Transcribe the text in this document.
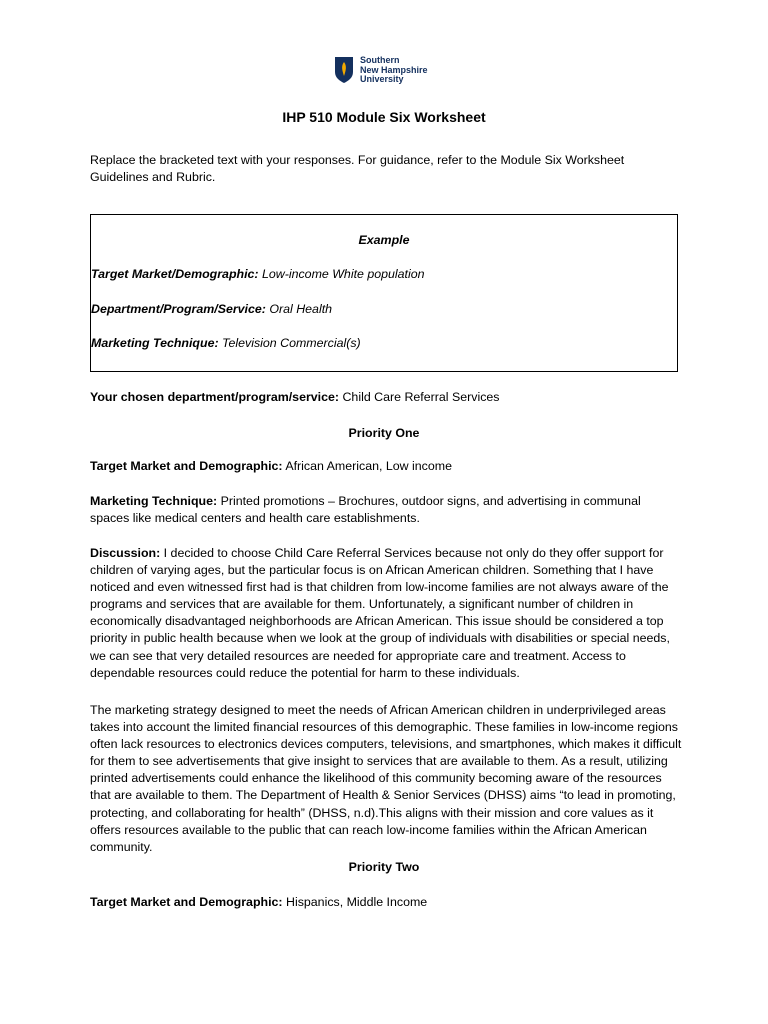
Southern
New Hampshire
University
IHP 510 Module Six Worksheet
Replace the bracketed text with your responses. For guidance, refer to the Module Six Worksheet Guidelines and Rubric.
Example
Target Market/Demographic: Low-income White population
Department/Program/Service: Oral Health
Marketing Technique: Television Commercial(s)
Your chosen department/program/service: Child Care Referral Services
Priority One
Target Market and Demographic: African American, Low income
Marketing Technique: Printed promotions – Brochures, outdoor signs, and advertising in communal spaces like medical centers and health care establishments.
Discussion: I decided to choose Child Care Referral Services because not only do they offer support for children of varying ages, but the particular focus is on African American children. Something that I have noticed and even witnessed first had is that children from low-income families are not always aware of the programs and services that are available for them. Unfortunately, a significant number of children in economically disadvantaged neighborhoods are African American. This issue should be considered a top priority in public health because when we look at the group of individuals with disabilities or special needs, we can see that very detailed resources are needed for appropriate care and treatment. Access to dependable resources could reduce the potential for harm to these individuals.
The marketing strategy designed to meet the needs of African American children in underprivileged areas takes into account the limited financial resources of this demographic. These families in low-income regions often lack resources to electronics devices computers, televisions, and smartphones, which makes it difficult for them to see advertisements that give insight to services that are available to them. As a result, utilizing printed advertisements could enhance the likelihood of this community becoming aware of the resources that are available to them. The Department of Health & Senior Services (DHSS) aims “to lead in promoting, protecting, and collaborating for health” (DHSS, n.d).This aligns with their mission and core values as it offers resources available to the public that can reach low-income families within the African American community.
Priority Two
Target Market and Demographic: Hispanics, Middle Income
